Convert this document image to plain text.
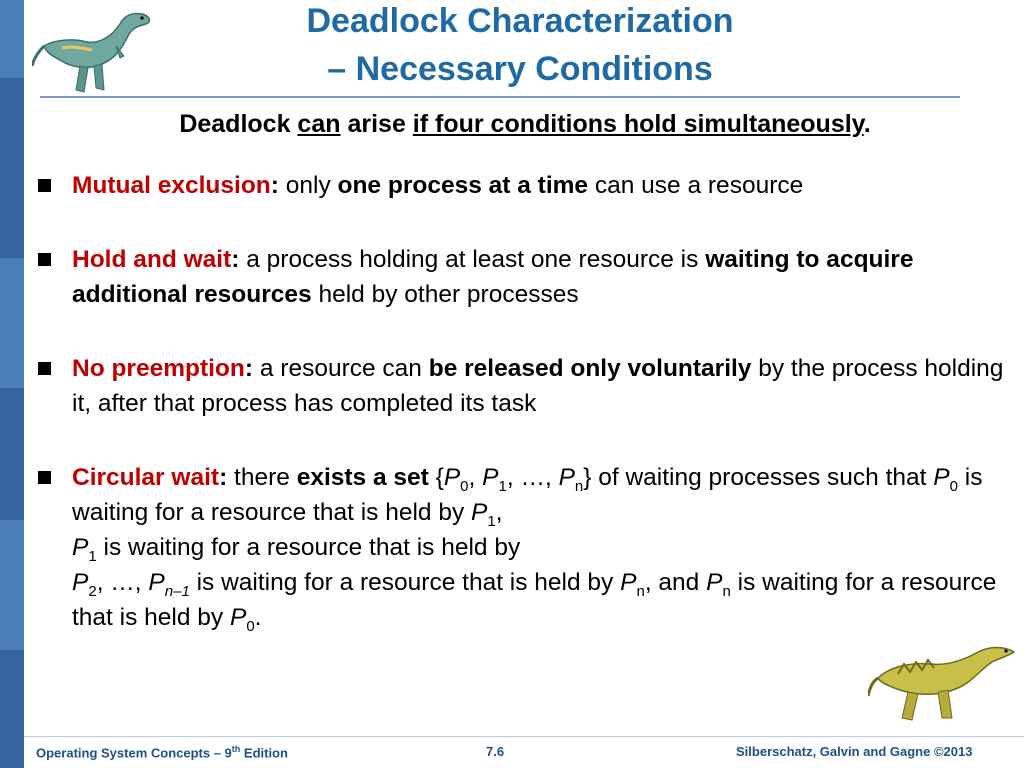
Deadlock Characterization
– Necessary Conditions
Deadlock can arise if four conditions hold simultaneously.
Mutual exclusion: only one process at a time can use a resource
Hold and wait: a process holding at least one resource is waiting to acquire additional resources held by other processes
No preemption: a resource can be released only voluntarily by the process holding it, after that process has completed its task
Circular wait: there exists a set {$P_0$, $P_1$, …, $P_n$} of waiting processes such that $P_0$ is waiting for a resource that is held by $P_1$,
$P_1$ is waiting for a resource that is held by
$P_2$, …, $P_{n-1}$ is waiting for a resource that is held by $P_n$, and $P_n$ is waiting for a resource that is held by $P_0$.
Operating System Concepts – 9th Edition	7.6	Silberschatz, Galvin and Gagne ©2013
